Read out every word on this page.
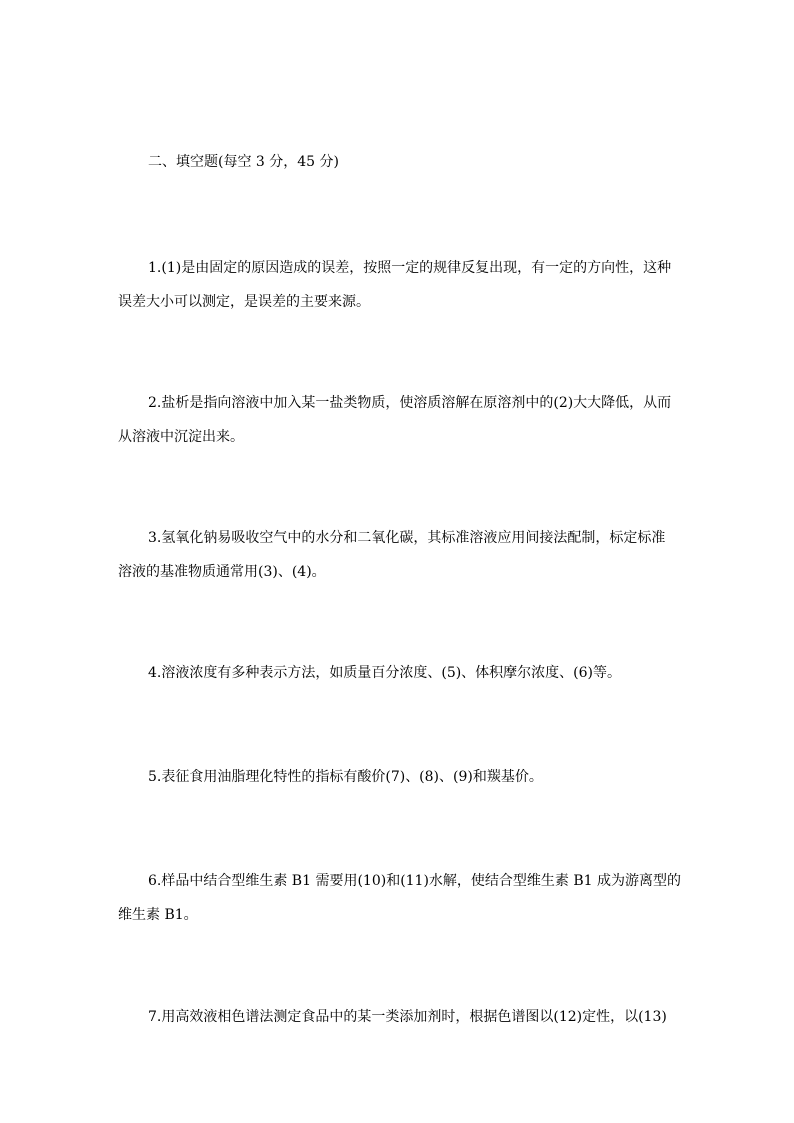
二、填空题(每空 3 分，45 分)
1.(1)是由固定的原因造成的误差，按照一定的规律反复出现，有一定的方向性，这种
误差大小可以测定，是误差的主要来源。
2.盐析是指向溶液中加入某一盐类物质，使溶质溶解在原溶剂中的(2)大大降低，从而
从溶液中沉淀出来。
3.氢氧化钠易吸收空气中的水分和二氧化碳，其标准溶液应用间接法配制，标定标准
溶液的基准物质通常用(3)、(4)。
4.溶液浓度有多种表示方法，如质量百分浓度、(5)、体积摩尔浓度、(6)等。
5.表征食用油脂理化特性的指标有酸价(7)、(8)、(9)和羰基价。
6.样品中结合型维生素 B1 需要用(10)和(11)水解，使结合型维生素 B1 成为游离型的
维生素 B1。
7.用高效液相色谱法测定食品中的某一类添加剂时，根据色谱图以(12)定性，以(13)
